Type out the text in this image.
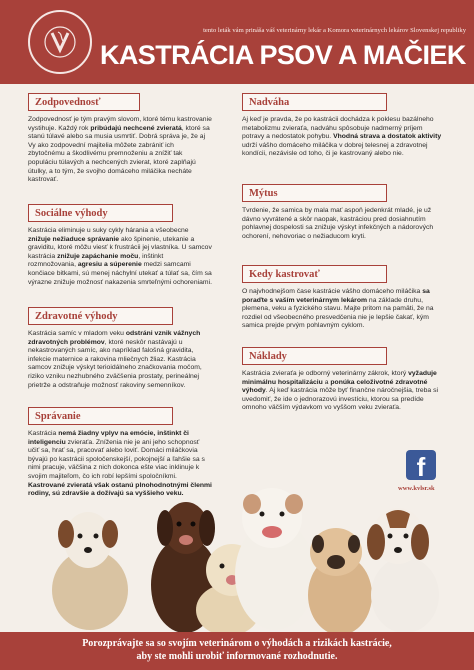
tento leták vám prináša váš veterinárny lekár a Komora veterinárnych lekárov Slovenskej republiky
KASTRÁCIA PSOV A MAČIEK
Zodpovednosť
Zodpovednosť je tým pravým slovom, ktoré tému kastrovanie vystihuje. Každý rok pribúdajú nechcené zvieratá, ktoré sa stanú túlavé alebo sa musia usmrtiť. Dobrá správa je, že aj Vy ako zodpovední majitelia môžete zabrániť ich zbytočnému a škodlivému premnoženiu a znížiť tak populáciu túlavých a nechcených zvierat, ktoré zaplňajú útulky, a to tým, že svojho domáceho miláčika necháte kastrovať.
Sociálne výhody
Kastrácia eliminuje u suky cykly hárania a všeobecne znižuje nežiaduce správanie ako špinenie, utekanie a graviditu, ktoré môžu viesť k frustrácii jej vlastníka. U samcov kastrácia znižuje zapáchanie moču, inštinkt rozmnožovania, agresiu a súperenie medzi samcami končiace bitkami, sú menej náchylní utekať a túlať sa, čím sa výrazne znižuje možnosť nakazenia smrteľnými ochoreniami.
Zdravotné výhody
Kastrácia samíc v mladom veku odstráni vznik vážnych zdravotných problémov, ktoré neskôr nastávajú u nekastrovaných samíc, ako napríklad falošná gravidita, infekcie maternice a rakovina mliečnych žliaz. Kastrácia samcov znižuje výskyt terioidálneho značkovania močom, riziko vzniku nezhubného zväčšenia prostaty, perineálnej prietrže a odstraňuje možnosť rakoviny semenníkov.
Správanie
Kastrácia nemá žiadny vplyv na emócie, inštinkt či inteligenciu zvieraťa. Zníženia nie je ani jeho schopnosť učiť sa, hrať sa, pracovať alebo loviť. Domáci miláčkovia bývajú po kastrácii spoločenskejší, pokojnejší a ľahšie sa s nimi pracuje, väčšina z nich dokonca ešte viac inklinuje k svojim majiteľom, čo ich robí lepšími spoločníkmi. Kastrované zvieratá však ostanú plnohodnotnými členmi rodiny, sú zdravšie a dožívajú sa vyššieho veku.
Nadváha
Aj keď je pravda, že po kastrácii dochádza k poklesu bazálneho metabolizmu zvieraťa, nadváhu spôsobuje nadmerný príjem potravy a nedostatok pohybu. Vhodná strava a dostatok aktivity udrží vášho domáceho miláčika v dobrej telesnej a zdravotnej kondícii, nezávisle od toho, či je kastrovaný alebo nie.
Mýtus
Tvrdenie, že samica by mala mať aspoň jedenkrát mladé, je už dávno vyvrátené a skôr naopak, kastráciou pred dosiahnutím pohlavnej dospelosti sa znižuje výskyt infekčných a nádorových ochorení, nehovoriac o nežiaducom kryti.
Kedy kastrovať
O najvhodnejšom čase kastrácie vášho domáceho miláčika sa poraďte s vaším veterinárnym lekárom na základe druhu, plemena, veku a fyzického stavu. Majte pritom na pamäti, že na rozdiel od všeobecného presvedčenia nie je lepšie čakať, kým samica prejde prvým pohlavným cyklom.
Náklady
Kastrácia zvieraťa je odborný veterinárny zákrok, ktorý vyžaduje minimálnu hospitalizáciu a ponúka celoživotné zdravotné výhody. Aj keď kastrácia môže byť finančne náročnejšia, treba si uvedomiť, že ide o jednorazovú investíciu, ktorou sa predíde omnoho väčším výdavkom vo vyššom veku zvieraťa.
f
www.kvlsr.sk
Porozprávajte sa so svojím veterinárom o výhodách a rizikách kastrácie,
aby ste mohli urobiť informované rozhodnutie.
